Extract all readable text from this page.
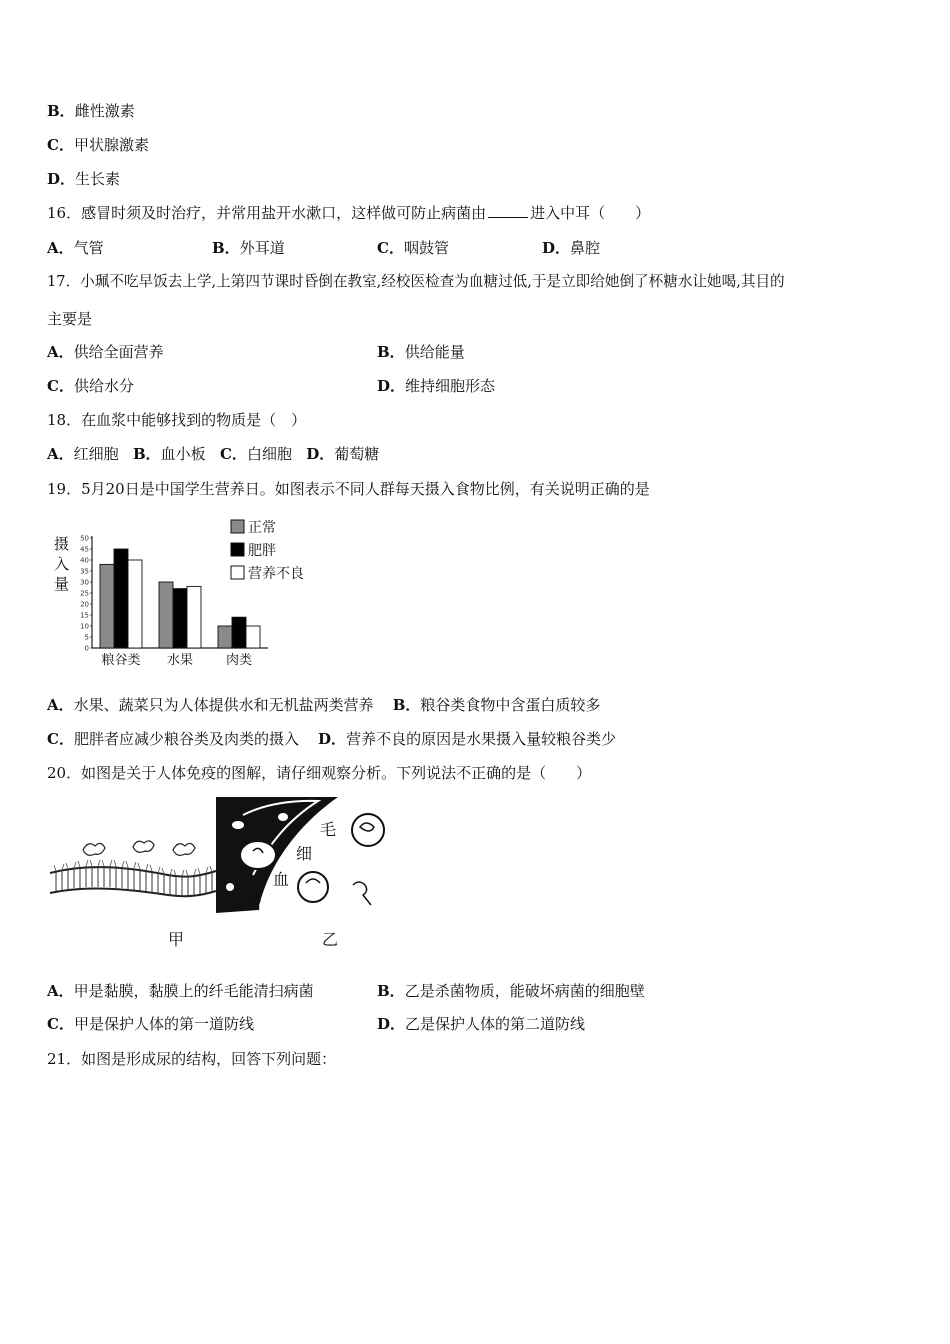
B．雌性激素
C．甲状腺激素
D．生长素
16．感冒时须及时治疗，并常用盐开水漱口，这样做可防止病菌由	进入中耳（　　）
A．气管	B．外耳道	C．咽鼓管	D．鼻腔
17．小珮不吃早饭去上学,上第四节课时昏倒在教室,经校医检查为血糖过低,于是立即给她倒了杯糖水让她喝,其目的
主要是
A．供给全面营养	B．供给能量
C．供给水分	D．维持细胞形态
18．在血浆中能够找到的物质是（　）
A．红细胞 B．血小板 C．白细胞 D．葡萄糖
19．5月20日是中国学生营养日。如图表示不同人群每天摄入食物比例，有关说明正确的是
摄
入
量
0
5
10
15
20
25
30
35
40
45
50
粮谷类 水果	肉类
正常
肥胖
营养不良
A．水果、蔬菜只为人体提供水和无机盐两类营养 B．粮谷类食物中含蛋白质较多
C．肥胖者应减少粮谷类及肉类的摄入 D．营养不良的原因是水果摄入量较粮谷类少
20．如图是关于人体免疫的图解，请仔细观察分析。下列说法不正确的是（　　）
毛
细
血
管
甲	乙
A．甲是黏膜，黏膜上的纤毛能清扫病菌	B．乙是杀菌物质，能破坏病菌的细胞壁
C．甲是保护人体的第一道防线	D．乙是保护人体的第二道防线
21．如图是形成尿的结构，回答下列问题：
